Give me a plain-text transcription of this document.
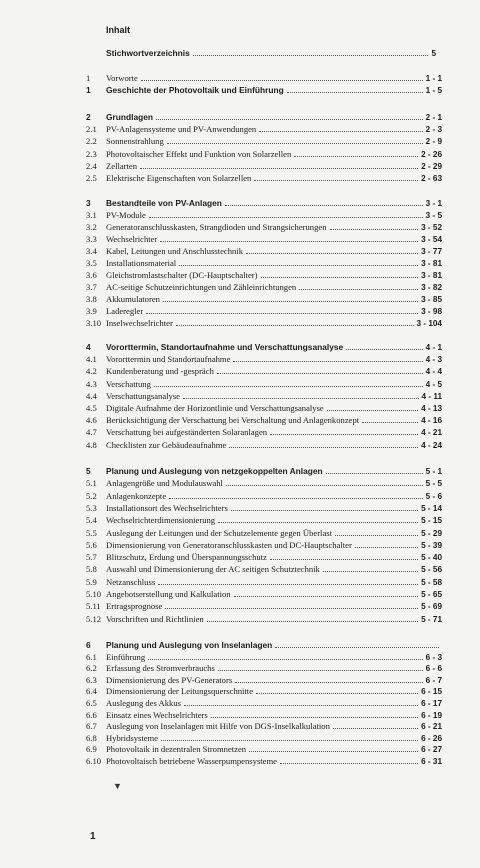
Inhalt
Stichwortverzeichnis	5
1	Vorworte	1 - 1
1	Geschichte der Photovoltaik und Einführung	1 - 5
2	Grundlagen	2 - 1
2.1	PV-Anlagensysteme und PV-Anwendungen	2 - 3
2.2	Sonnenstrahlung	2 - 9
2.3	Photovoltaischer Effekt und Funktion von Solarzellen	2 - 26
2.4	Zellarten	2 - 29
2.5	Elektrische Eigenschaften von Solarzellen	2 - 63
3	Bestandteile von PV-Anlagen	3 - 1
3.1	PV-Module	3 - 5
3.2	Generatoranschlusskasten, Strangdioden und Strangsicherungen	3 - 52
3.3	Wechselrichter	3 - 54
3.4	Kabel, Leitungen und Anschlusstechnik	3 - 77
3.5	Installationsmaterial	3 - 81
3.6	Gleichstromlastschalter (DC-Hauptschalter)	3 - 81
3.7	AC-seitige Schutzeinrichtungen und Zähleinrichtungen	3 - 82
3.8	Akkumulatoren	3 - 85
3.9	Laderegler	3 - 98
3.10 Inselwechselrichter	3 - 104
4	Vororttermin, Standortaufnahme und Verschattungsanalyse	4 - 1
4.1	Vororttermin und Standortaufnahme	4 - 3
4.2	Kundenberatung und -gespräch	4 - 4
4.3	Verschattung	4 - 5
4.4	Verschattungsanalyse	4 - 11
4.5	Digitale Aufnahme der Horizontlinie und Verschattungsanalyse	4 - 13
4.6	Berücksichtigung der Verschattung bei Verschaltung und Anlagenkonzept	4 - 16
4.7	Verschattung bei aufgeständerten Solaranlagen	4 - 21
4.8	Checklisten zur Gebäudeaufnahme	4 - 24
5	Planung und Auslegung von netzgekoppelten Anlagen	5 - 1
5.1	Anlagengröße und Modulauswahl	5 - 5
5.2	Anlagenkonzepte	5 - 6
5.3	Installationsort des Wechselrichters	5 - 14
5.4	Wechselrichterdimensionierung	5 - 15
5.5	Auslegung der Leitungen und der Schutzelemente gegen Überlast	5 - 29
5.6	Dimensionierung von Generatoranschlusskasten und DC-Hauptschalter	5 - 39
5.7	Blitzschutz, Erdung und Überspannungsschutz	5 - 40
5.8	Auswahl und Dimensionierung der AC seitigen Schutztechnik	5 - 56
5.9	Netzanschluss	5 - 58
5.10 Angebotserstellung und Kalkulation	5 - 65
5.11 Ertragsprognose	5 - 69
5.12 Vorschriften und Richtlinien	5 - 71
6	Planung und Auslegung von Inselanlagen
6.1	Einführung	6 - 3
6.2	Erfassung des Stromverbrauchs	6 - 6
6.3	Dimensionierung des PV-Generators	6 - 7
6.4	Dimensionierung der Leitungsquerschnitte	6 - 15
6.5	Auslegung des Akkus	6 - 17
6.6	Einsatz eines Wechselrichters	6 - 19
6.7	Auslegung von Inselanlagen mit Hilfe von DGS-Inselkalkulation	6 - 21
6.8	Hybridsysteme	6 - 26
6.9	Photovoltaik in dezentralen Stromnetzen	6 - 27
6.10 Photovoltaisch betriebene Wasserpumpensysteme	6 - 31
▼
1
